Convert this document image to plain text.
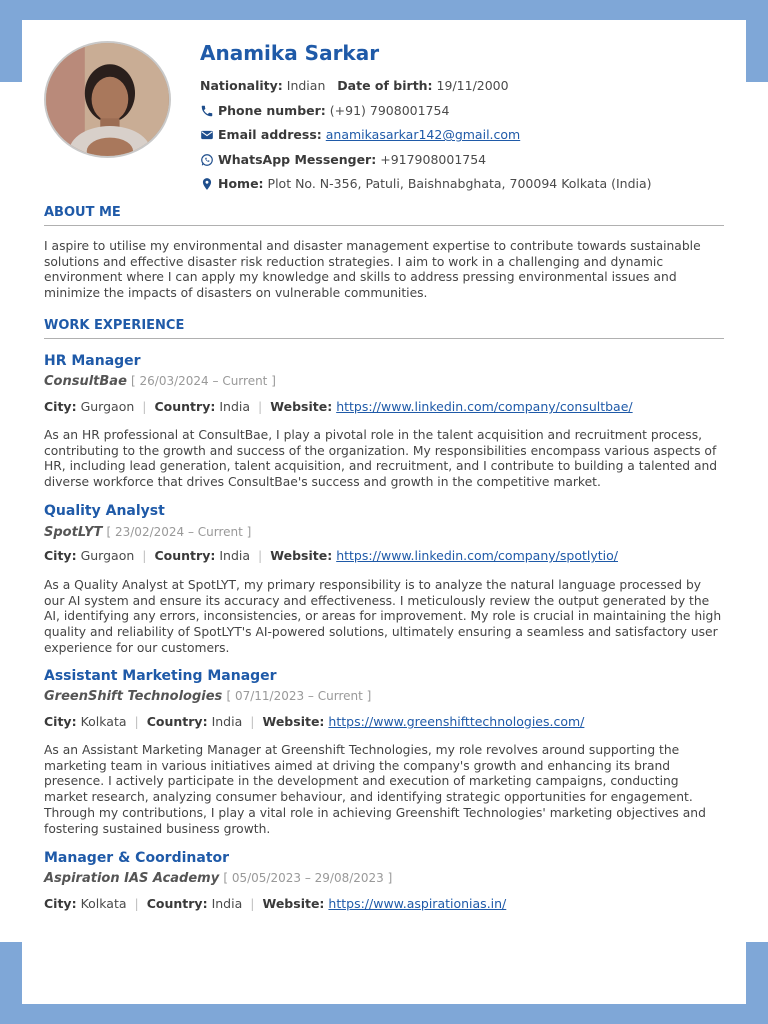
Anamika Sarkar
Nationality:
Indian
Date of birth:
19/11/2000
Phone number:
(+91) 7908001754
Email address:
anamikasarkar142@gmail.com
WhatsApp Messenger:
+917908001754
Home:
Plot No. N-356, Patuli, Baishnabghata, 700094 Kolkata (India)
ABOUT ME
I aspire to utilise my environmental and disaster management expertise to contribute towards sustainable solutions and effective disaster risk reduction strategies. I aim to work in a challenging and dynamic environment where I can apply my knowledge and skills to address pressing environmental issues and minimize the impacts of disasters on vulnerable communities.
WORK EXPERIENCE
HR Manager
ConsultBae [ 26/03/2024 – Current ]
City: Gurgaon | Country: India | Website: https://www.linkedin.com/company/consultbae/
As an HR professional at ConsultBae, I play a pivotal role in the talent acquisition and recruitment process, contributing to the growth and success of the organization. My responsibilities encompass various aspects of HR, including lead generation, talent acquisition, and recruitment, and I contribute to building a talented and diverse workforce that drives ConsultBae's success and growth in the competitive market.
Quality Analyst
SpotLYT [ 23/02/2024 – Current ]
City: Gurgaon | Country: India | Website: https://www.linkedin.com/company/spotlytio/
As a Quality Analyst at SpotLYT, my primary responsibility is to analyze the natural language processed by our AI system and ensure its accuracy and effectiveness. I meticulously review the output generated by the AI, identifying any errors, inconsistencies, or areas for improvement. My role is crucial in maintaining the high quality and reliability of SpotLYT's AI-powered solutions, ultimately ensuring a seamless and satisfactory user experience for our customers.
Assistant Marketing Manager
GreenShift Technologies [ 07/11/2023 – Current ]
City: Kolkata | Country: India | Website: https://www.greenshifttechnologies.com/
As an Assistant Marketing Manager at Greenshift Technologies, my role revolves around supporting the marketing team in various initiatives aimed at driving the company's growth and enhancing its brand presence. I actively participate in the development and execution of marketing campaigns, conducting market research, analyzing consumer behaviour, and identifying strategic opportunities for engagement. Through my contributions, I play a vital role in achieving Greenshift Technologies' marketing objectives and fostering sustained business growth.
Manager & Coordinator
Aspiration IAS Academy [ 05/05/2023 – 29/08/2023 ]
City: Kolkata | Country: India | Website: https://www.aspirationias.in/
